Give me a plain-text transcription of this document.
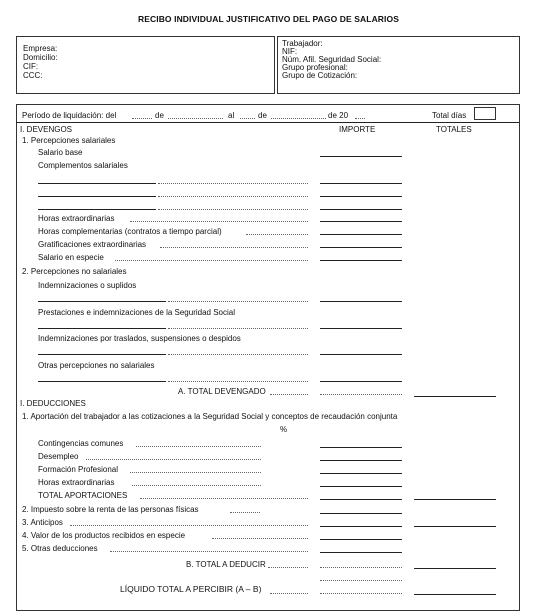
RECIBO INDIVIDUAL JUSTIFICATIVO DEL PAGO DE SALARIOS
Empresa:
Domicilio:
CIF:
CCC:
Trabajador:
NIF:
Núm. Afil. Seguridad Social:
Grupo profesional:
Grupo de Cotización:
Período de liquidación: del	de	al	de	de 20	Total días
I. DEVENGOS	IMPORTE	TOTALES
1. Percepciones salariales
Salario base
Complementos salariales
Horas extraordinarias
Horas complementarias (contratos a tiempo parcial)
Gratificaciones extraordinarias
Salario en especie
2. Percepciones no salariales
Indemnizaciones o suplidos
Prestaciones e indemnizaciones de la Seguridad Social
Indemnizaciones por traslados, suspensiones o despidos
Otras percepciones no salariales
A. TOTAL DEVENGADO
I. DEDUCCIONES
1. Aportación del trabajador a las cotizaciones a la Seguridad Social y conceptos de recaudación conjunta
%
Contingencias comunes
Desempleo
Formación Profesional
Horas extraordinarias
TOTAL APORTACIONES
2. Impuesto sobre la renta de las personas físicas
3. Anticipos
4. Valor de los productos recibidos en especie
5. Otras deducciones
B. TOTAL A DEDUCIR
LÍQUIDO TOTAL A PERCIBIR (A – B)
